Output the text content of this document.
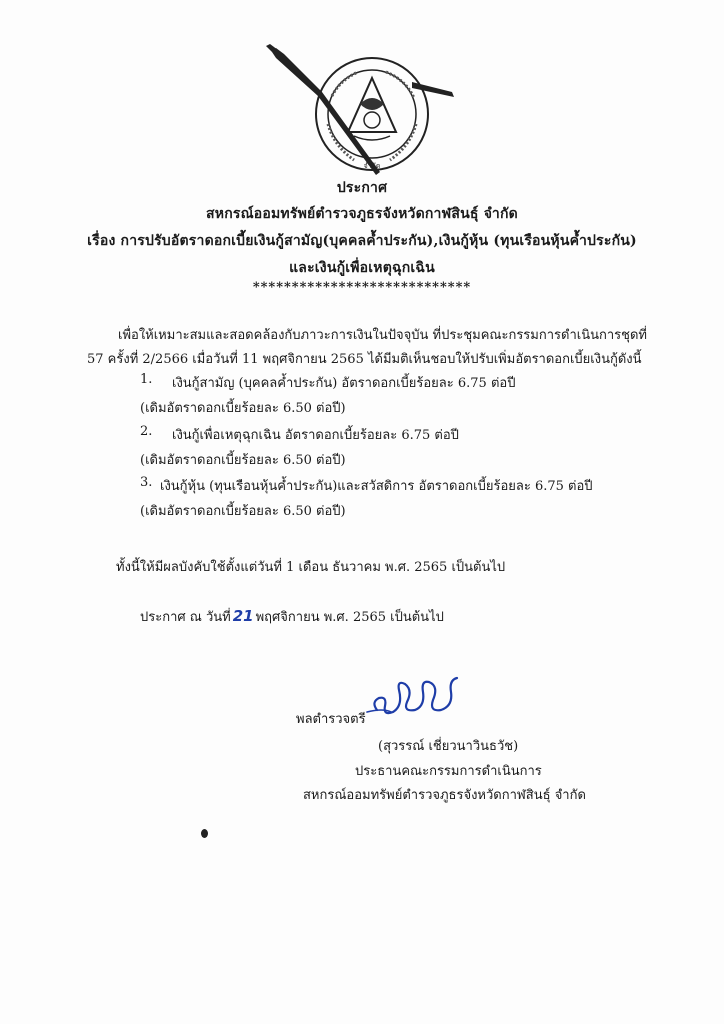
จำกัด
ประกาศ
สหกรณ์ออมทรัพย์ตำรวจภูธรจังหวัดกาฬสินธุ์ จำกัด
เรื่อง การปรับอัตราดอกเบี้ยเงินกู้สามัญ(บุคคลค้ำประกัน),เงินกู้หุ้น (ทุนเรือนหุ้นค้ำประกัน)
และเงินกู้เพื่อเหตุฉุกเฉิน
****************************
เพื่อให้เหมาะสมและสอดคล้องกับภาวะการเงินในปัจจุบัน ที่ประชุมคณะกรรมการดำเนินการชุดที่
57 ครั้งที่ 2/2566 เมื่อวันที่ 11 พฤศจิกายน 2565 ได้มีมติเห็นชอบให้ปรับเพิ่มอัตราดอกเบี้ยเงินกู้ดังนี้
1. เงินกู้สามัญ (บุคคลค้ำประกัน) อัตราดอกเบี้ยร้อยละ 6.75 ต่อปี
(เดิมอัตราดอกเบี้ยร้อยละ 6.50 ต่อปี)
2. เงินกู้เพื่อเหตุฉุกเฉิน อัตราดอกเบี้ยร้อยละ 6.75 ต่อปี
(เดิมอัตราดอกเบี้ยร้อยละ 6.50 ต่อปี)
3. เงินกู้หุ้น (ทุนเรือนหุ้นค้ำประกัน)และสวัสดิการ อัตราดอกเบี้ยร้อยละ 6.75 ต่อปี
(เดิมอัตราดอกเบี้ยร้อยละ 6.50 ต่อปี)
ทั้งนี้ให้มีผลบังคับใช้ตั้งแต่วันที่ 1 เดือน ธันวาคม พ.ศ. 2565 เป็นต้นไป
ประกาศ ณ วันที่ 21 พฤศจิกายน พ.ศ. 2565 เป็นต้นไป
พลตำรวจตรี
(สุวรรณ์ เชี่ยวนาวินธวัช)
ประธานคณะกรรมการดำเนินการ
สหกรณ์ออมทรัพย์ตำรวจภูธรจังหวัดกาฬสินธุ์ จำกัด
